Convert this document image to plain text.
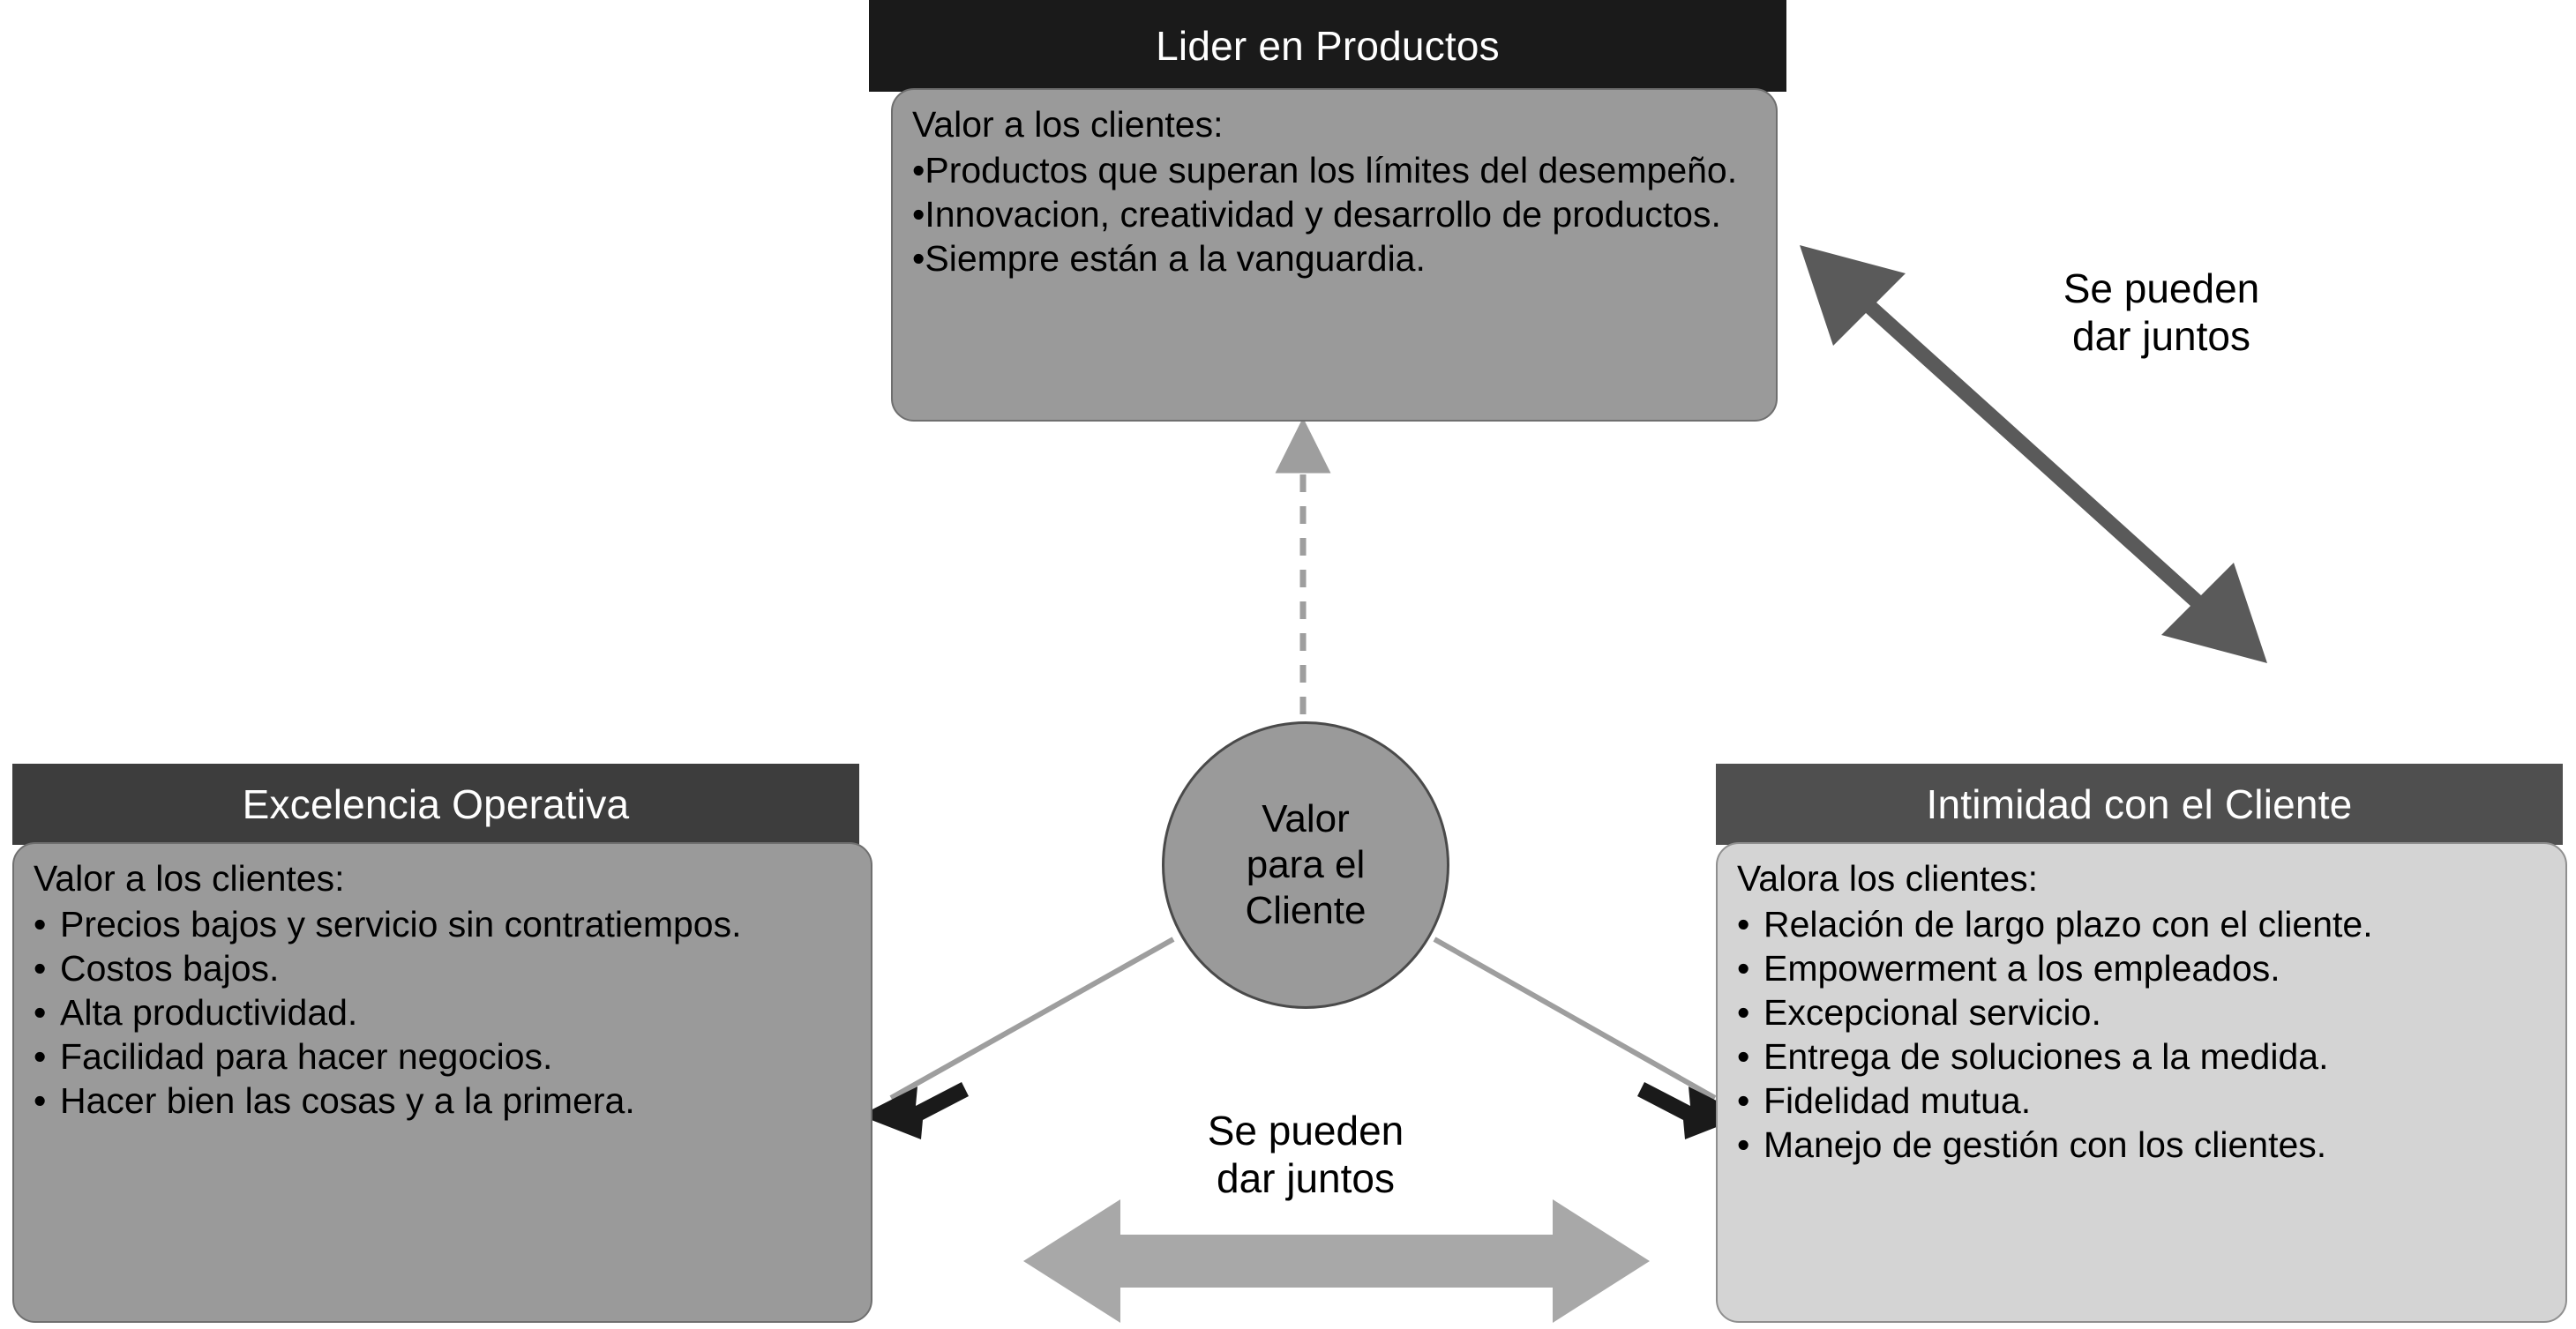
Lider en Productos

Valor a los clientes:

•Productos que superan los límites del desempeño.
•Innovacion, creatividad y desarrollo de productos.
•Siempre están a la vanguardia.
Excelencia Operativa

Valor a los clientes:

• Precios bajos y servicio sin contratiempos.
• Costos bajos.
• Alta productividad.
• Facilidad para hacer negocios.
• Hacer bien las cosas y a la primera.
Intimidad con el Cliente

Valora los clientes:

• Relación de largo plazo con el cliente.
• Empowerment a los empleados.
• Excepcional servicio.
• Entrega de soluciones a la medida.
• Fidelidad mutua.
• Manejo de gestión con los clientes.
Valor
para el
Cliente
Se pueden
dar juntos
Se pueden
dar juntos
